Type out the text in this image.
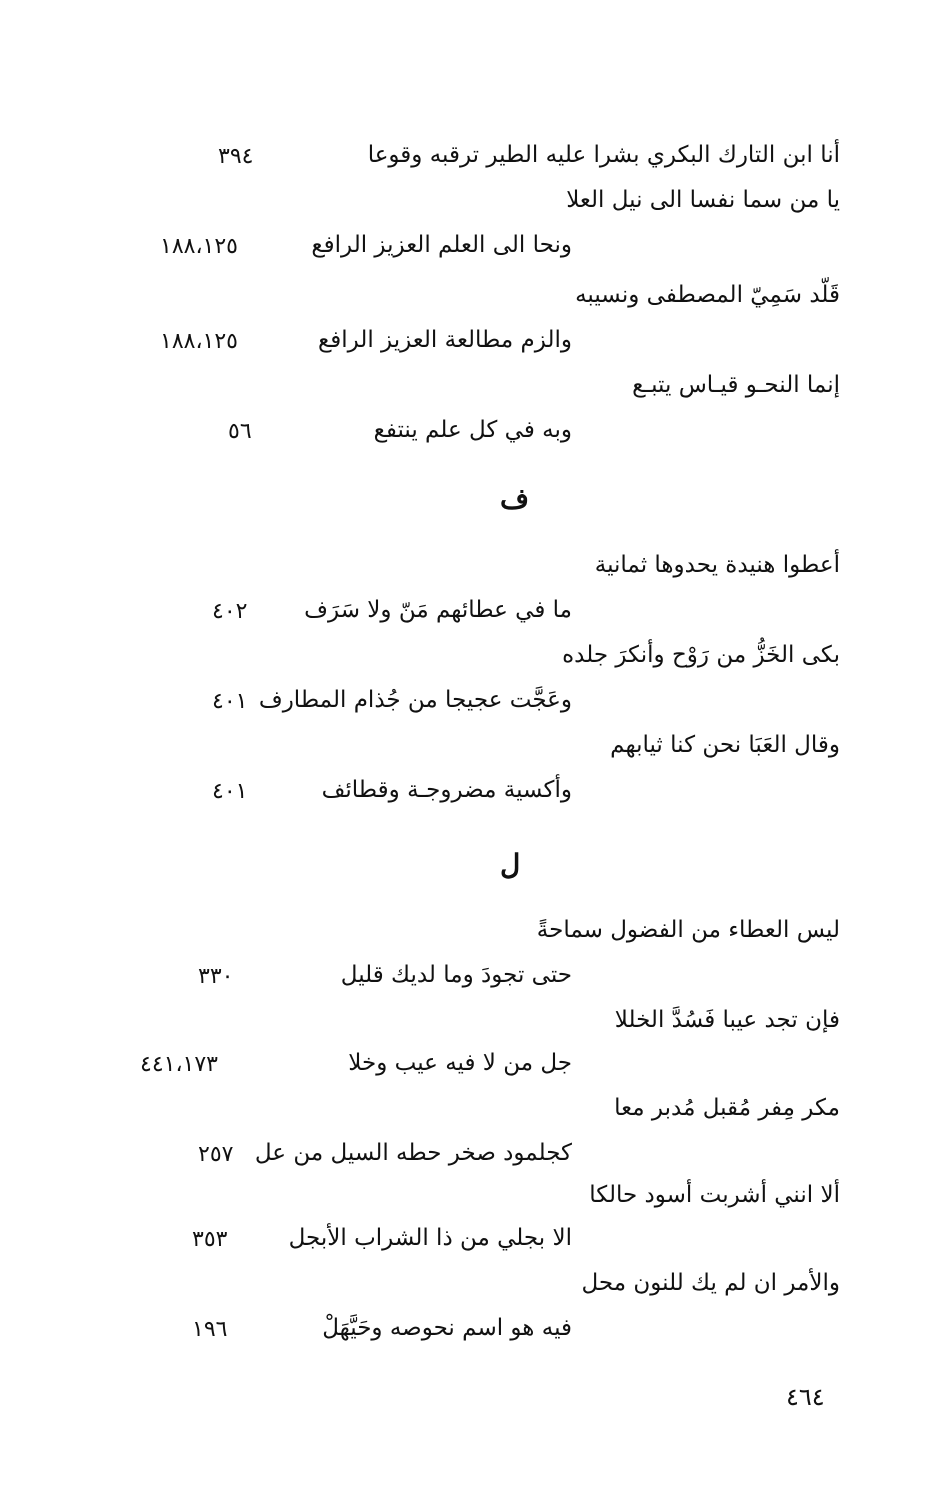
أنا ابن التارك البكري بشرا عليه الطير ترقبه وقوعا
يا من سما نفسا الى نيل العلا
ونحا الى العلم العزيز الرافع
قَلّد سَمِيّ المصطفى ونسيبه
والزم مطالعة العزيز الرافع
إنما النحـو قيـاس يتبـع
وبه في كل علم ينتفع
أعطوا هنيدة يحدوها ثمانية
ما في عطائهم مَنّ ولا سَرَف
بكى الخَزُّ من رَوْح وأنكرَ جلده
وعَجَّت عجيجا من جُذام المطارف
وقال العَبَا نحن كنا ثيابهم
وأكسية مضروجـة وقطائف
ليس العطاء من الفضول سماحةً
حتى تجودَ وما لديك قليل
فإن تجد عيبا فَسُدَّ الخللا
جل من لا فيه عيب وخلا
مكر مِفر مُقبل مُدبر معا
كجلمود صخر حطه السيل من عل
ألا انني أشربت أسود حالكا
الا بجلي من ذا الشراب الأبجل
والأمر ان لم يك للنون محل
فيه هو اسم نحوصه وحَيَّهَلْ
٣٩٤
١٨٨،١٢٥
١٨٨،١٢٥
٥٦
٤٠٢
٤٠١
٤٠١
٣٣٠
٤٤١،١٧٣
٢٥٧
٣٥٣
١٩٦
ف
ل
٤٦٤
